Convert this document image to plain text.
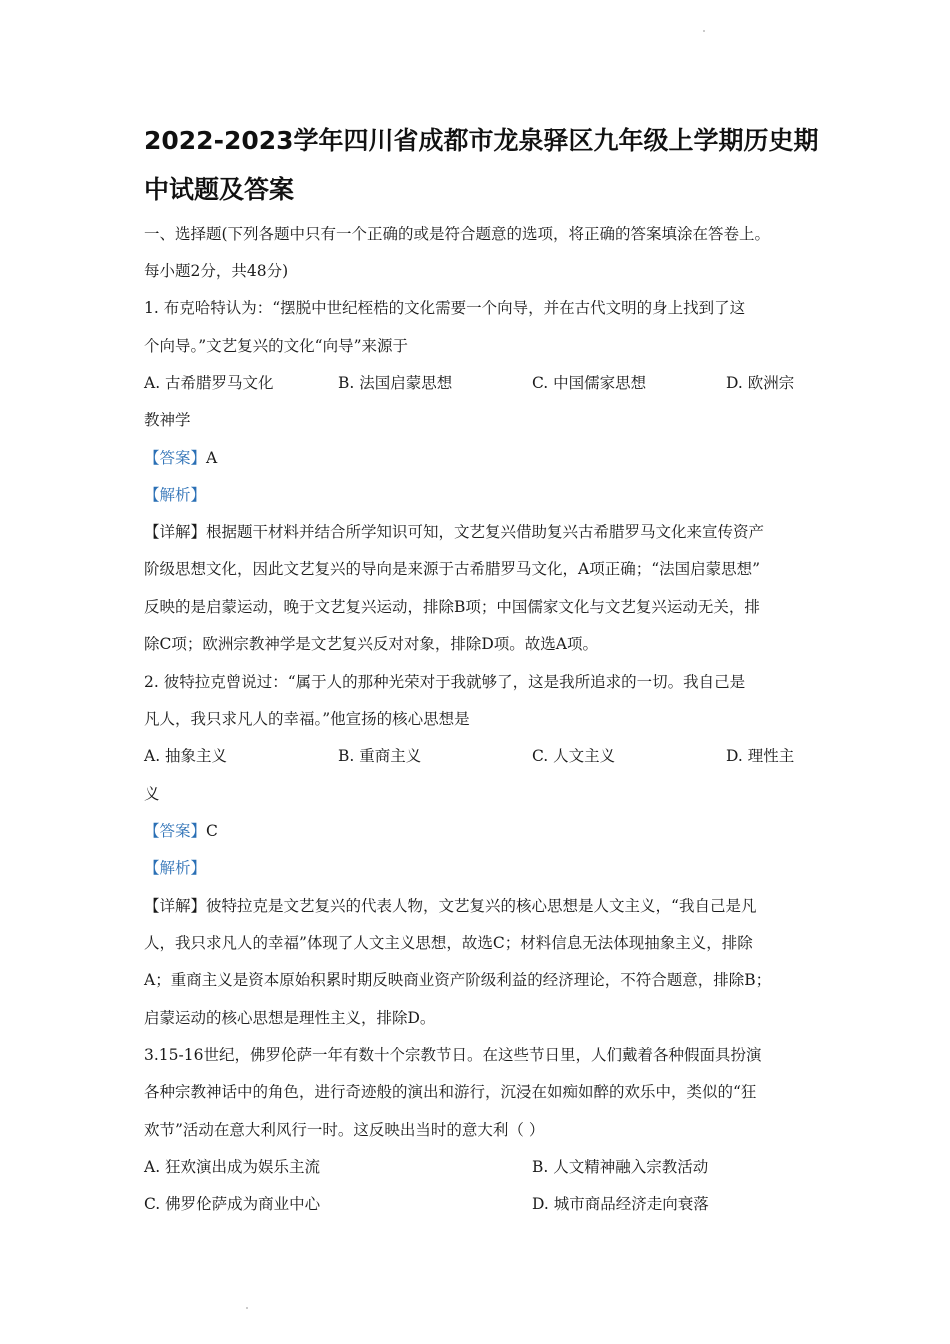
2022-2023学年四川省成都市龙泉驿区九年级上学期历史期
中试题及答案
一、选择题(下列各题中只有一个正确的或是符合题意的选项，将正确的答案填涂在答卷上。
每小题2分，共48分)
1. 布克哈特认为：“摆脱中世纪桎梏的文化需要一个向导，并在古代文明的身上找到了这
个向导。”文艺复兴的文化“向导”来源于
A. 古希腊罗马文化	B. 法国启蒙思想	C. 中国儒家思想	D. 欧洲宗
教神学
【答案】A
【解析】
【详解】根据题干材料并结合所学知识可知，文艺复兴借助复兴古希腊罗马文化来宣传资产
阶级思想文化，因此文艺复兴的导向是来源于古希腊罗马文化，A项正确；“法国启蒙思想”
反映的是启蒙运动，晚于文艺复兴运动，排除B项；中国儒家文化与文艺复兴运动无关，排
除C项；欧洲宗教神学是文艺复兴反对对象，排除D项。故选A项。
2. 彼特拉克曾说过：“属于人的那种光荣对于我就够了，这是我所追求的一切。我自己是
凡人，我只求凡人的幸福。”他宣扬的核心思想是
A. 抽象主义	B. 重商主义	C. 人文主义	D. 理性主
义
【答案】C
【解析】
【详解】彼特拉克是文艺复兴的代表人物，文艺复兴的核心思想是人文主义，“我自己是凡
人，我只求凡人的幸福”体现了人文主义思想，故选C；材料信息无法体现抽象主义，排除
A；重商主义是资本原始积累时期反映商业资产阶级利益的经济理论，不符合题意，排除B；
启蒙运动的核心思想是理性主义，排除D。
3.15-16世纪，佛罗伦萨一年有数十个宗教节日。在这些节日里，人们戴着各种假面具扮演
各种宗教神话中的角色，进行奇迹般的演出和游行，沉浸在如痴如醉的欢乐中，类似的“狂
欢节”活动在意大利风行一时。这反映出当时的意大利（ ）
A. 狂欢演出成为娱乐主流	B. 人文精神融入宗教活动
C. 佛罗伦萨成为商业中心	D. 城市商品经济走向衰落
